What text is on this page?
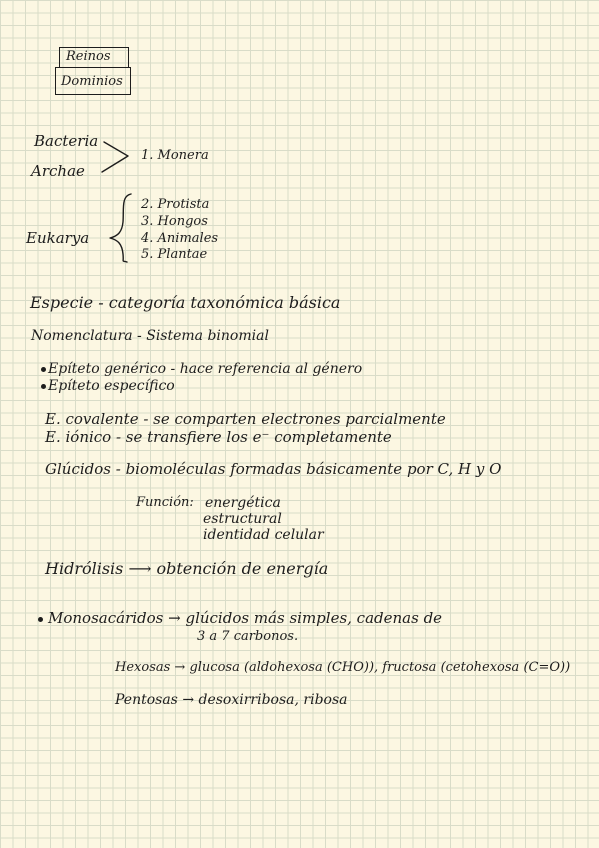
Reinos
Dominios
Bacteria
Archae
1. Monera
Eukarya
2. Protista
3. Hongos
4. Animales
5. Plantae
Especie - categoría taxonómica básica
Nomenclatura - Sistema binomial
Epíteto genérico - hace referencia al género
Epíteto específico
E. covalente - se comparten electrones parcialmente
E. iónico - se transfiere los e⁻ completamente
Glúcidos - biomoléculas formadas básicamente por C, H y O
Función: energética
estructural
identidad celular
Hidrólisis ⟶ obtención de energía
Monosacáridos → glúcidos más simples, cadenas de
3 a 7 carbonos.
Hexosas → glucosa (aldohexosa (CHO)), fructosa (cetohexosa (C=O))
Pentosas → desoxirribosa, ribosa
